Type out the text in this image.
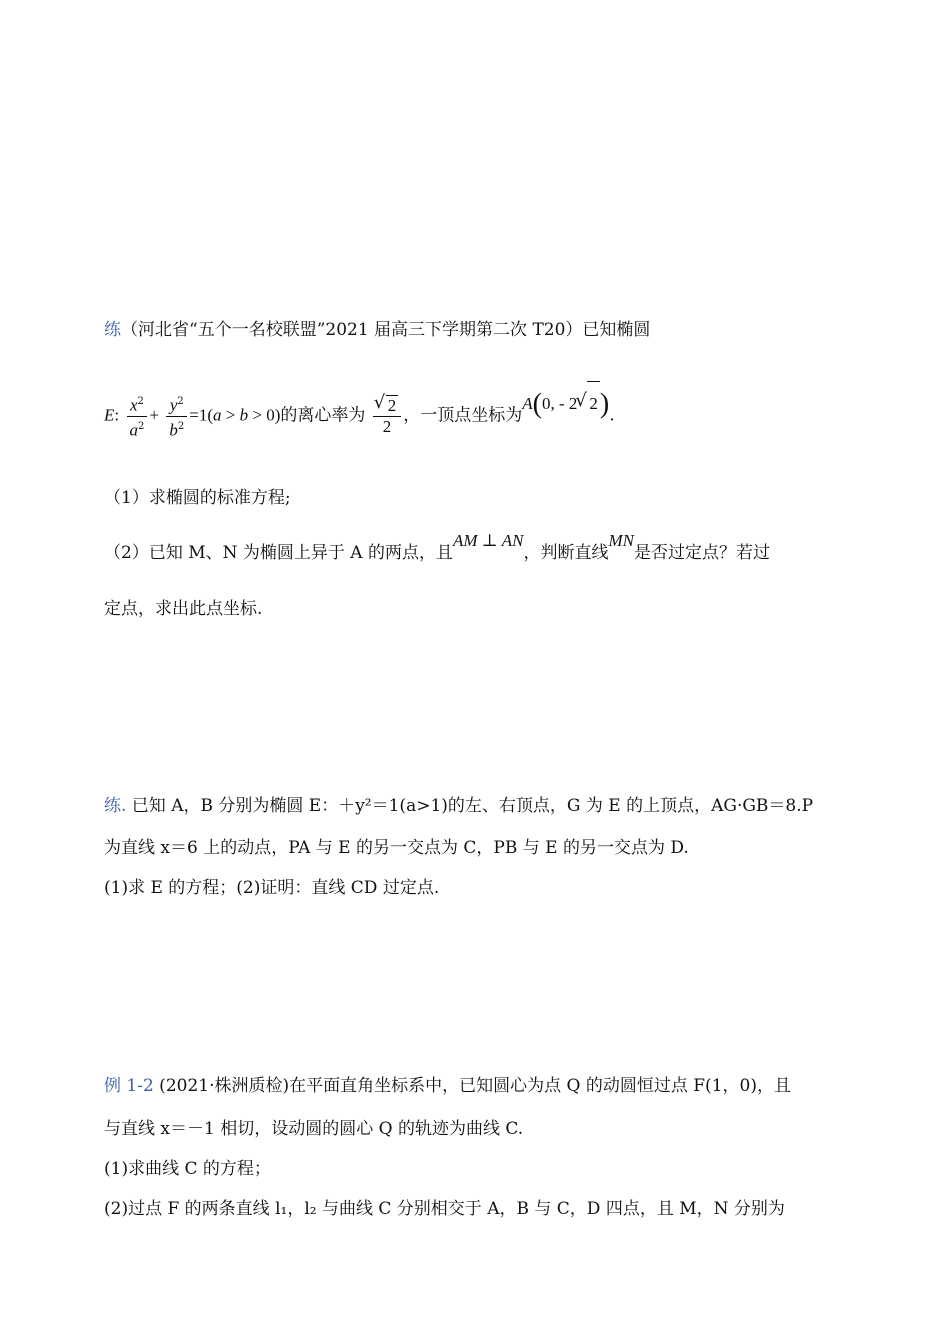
练（河北省“五个一名校联盟”2021 届高三下学期第二次 T20）已知椭圆
E: $\frac{x^2}{a^2} + \frac{y^2}{b^2} =1(a > b > 0)$的离心率为 √ $\frac{2}{2}$ ，一顶点坐标为A(0, - 2 √ 2).
（1）求椭圆的标准方程;
（2）已知 M、N 为椭圆上异于 A 的两点，且AM ⊥ AN，判断直线MN是否过定点？若过
定点，求出此点坐标.
练. 已知 A，B 分别为椭圆 E：＋y²＝1(a>1)的左、右顶点，G 为 E 的上顶点，AG·GB＝8.P
为直线 x＝6 上的动点，PA 与 E 的另一交点为 C，PB 与 E 的另一交点为 D.
(1)求 E 的方程；(2)证明：直线 CD 过定点.
例 1-2 (2021·株洲质检)在平面直角坐标系中，已知圆心为点 Q 的动圆恒过点 F(1，0)，且
与直线 x＝－1 相切，设动圆的圆心 Q 的轨迹为曲线 C.
(1)求曲线 C 的方程；
(2)过点 F 的两条直线 l₁，l₂ 与曲线 C 分别相交于 A，B 与 C，D 四点，且 M，N 分别为
